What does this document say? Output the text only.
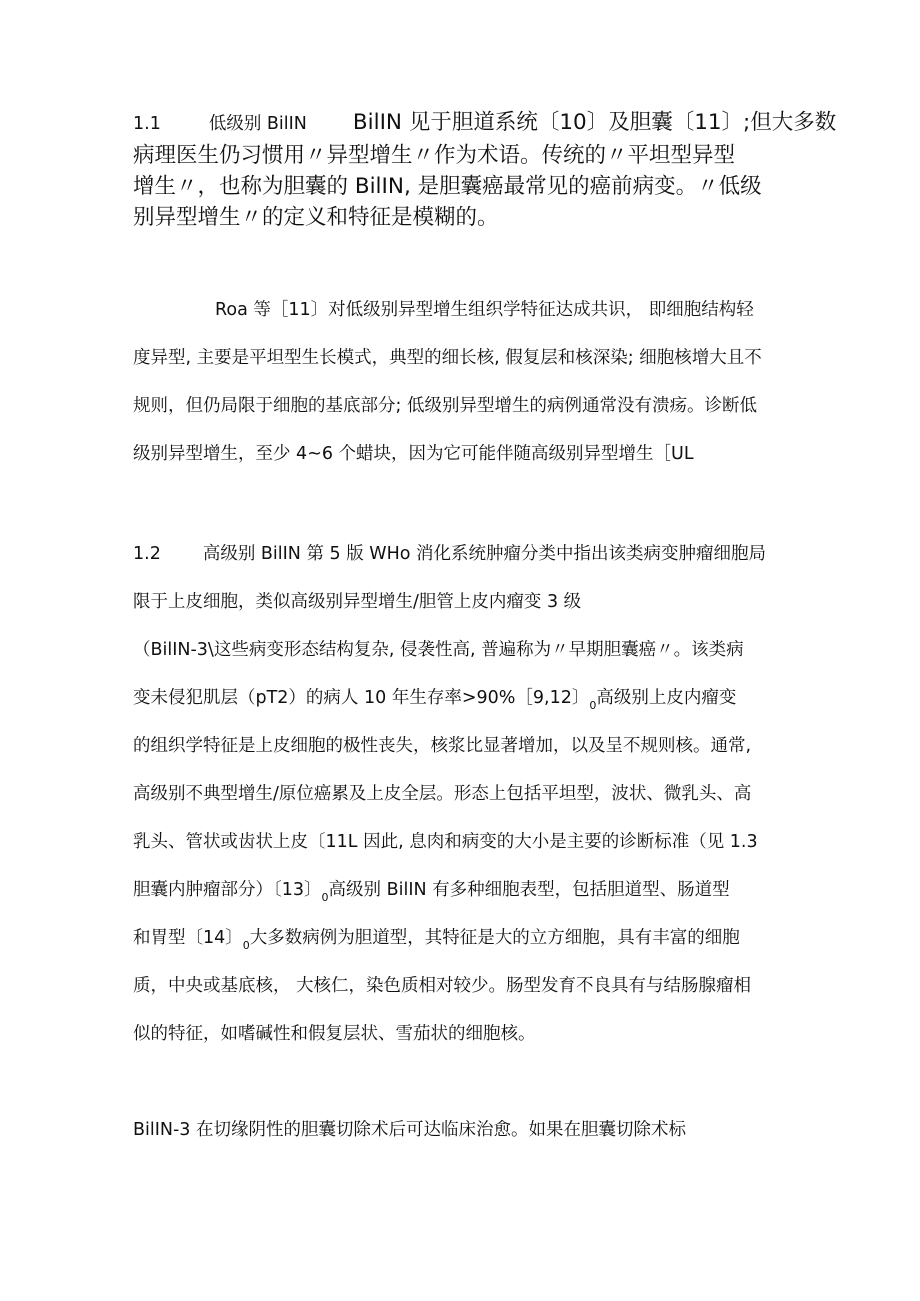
1.1	低级别 BilIN BilIN 见于胆道系统〔10〕及胆囊〔11〕;但大多数

病理医生仍习惯用〃异型增生〃作为术语。传统的〃平坦型异型

增生〃，也称为胆囊的 BilIN, 是胆囊癌最常见的癌前病变。〃低级

别异型增生〃的定义和特征是模糊的。

Roa 等［11〕对低级别异型增生组织学特征达成共识， 即细胞结构轻

度异型, 主要是平坦型生长模式，典型的细长核, 假复层和核深染; 细胞核增大且不

规则，但仍局限于细胞的基底部分; 低级别异型增生的病例通常没有溃疡。诊断低

级别异型增生，至少 4~6 个蜡块，因为它可能伴随高级别异型增生［UL

1.2 高级别 BilIN 第 5 版 WHo 消化系统肿瘤分类中指出该类病变肿瘤细胞局

限于上皮细胞，类似高级别异型增生/胆管上皮内瘤变 3 级

（BilIN-3\这些病变形态结构复杂, 侵袭性高, 普遍称为〃早期胆囊癌〃。该类病

变未侵犯肌层（pT2）的病人 10 年生存率>90%［9,12〕$_0$高级别上皮内瘤变

的组织学特征是上皮细胞的极性丧失，核浆比显著增加，以及呈不规则核。通常,

高级别不典型增生/原位癌累及上皮全层。形态上包括平坦型，波状、微乳头、高

乳头、管状或齿状上皮〔11L 因此, 息肉和病变的大小是主要的诊断标准（见 1.3

胆囊内肿瘤部分）〔13〕$_0$高级别 BilIN 有多种细胞表型，包括胆道型、肠道型

和胃型〔14〕$_0$大多数病例为胆道型，其特征是大的立方细胞，具有丰富的细胞

质，中央或基底核， 大核仁，染色质相对较少。肠型发育不良具有与结肠腺瘤相

似的特征，如嗜碱性和假复层状、雪茄状的细胞核。

BilIN-3 在切缘阴性的胆囊切除术后可达临床治愈。如果在胆囊切除术标
